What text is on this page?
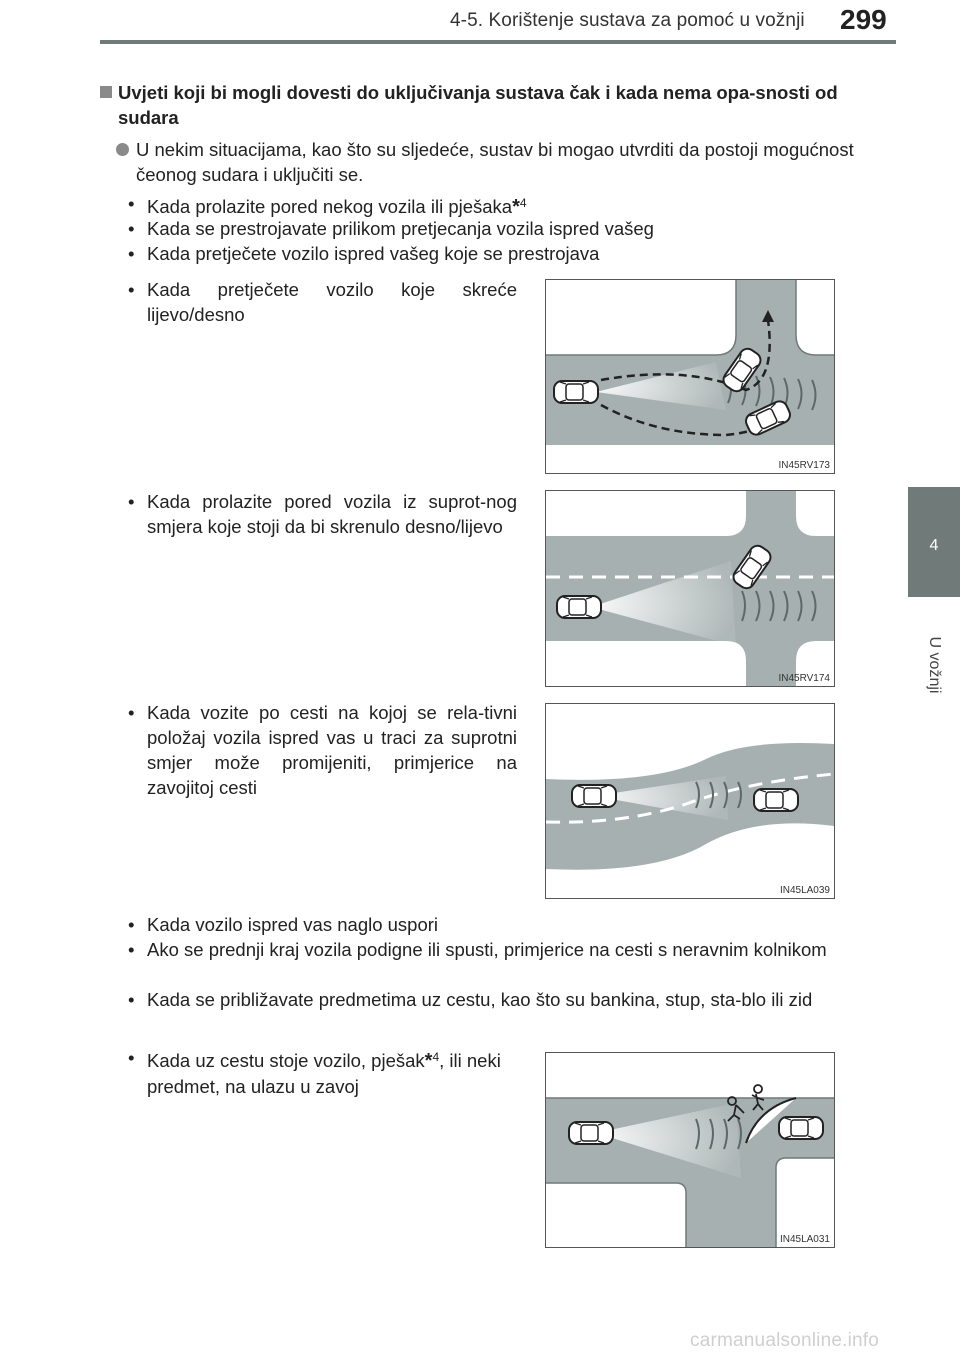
4-5. Korištenje sustava za pomoć u vožnji 299
4
U vožnji
Uvjeti koji bi mogli dovesti do uključivanja sustava čak i kada nema opa-snosti od sudara
U nekim situacijama, kao što su sljedeće, sustav bi mogao utvrditi da postoji mogućnost čeonog sudara i uključiti se.
• Kada prolazite pored nekog vozila ili pješaka*$^4$
• Kada se prestrojavate prilikom pretjecanja vozila ispred vašeg
• Kada pretječete vozilo ispred vašeg koje se prestrojava
• Kada pretječete vozilo koje skreće lijevo/desno
IN45RV173
• Kada prolazite pored vozila iz suprot-nog smjera koje stoji da bi skrenulo desno/lijevo
IN45RV174
• Kada vozite po cesti na kojoj se rela-tivni položaj vozila ispred vas u traci za suprotni smjer može promijeniti, primjerice na zavojitoj cesti
IN45LA039
• Kada vozilo ispred vas naglo uspori
• Ako se prednji kraj vozila podigne ili spusti, primjerice na cesti s neravnim kolnikom
• Kada se približavate predmetima uz cestu, kao što su bankina, stup, sta-blo ili zid
• Kada uz cestu stoje vozilo, pješak*$^4$, ili neki predmet, na ulazu u zavoj
IN45LA031
carmanualsonline.info
